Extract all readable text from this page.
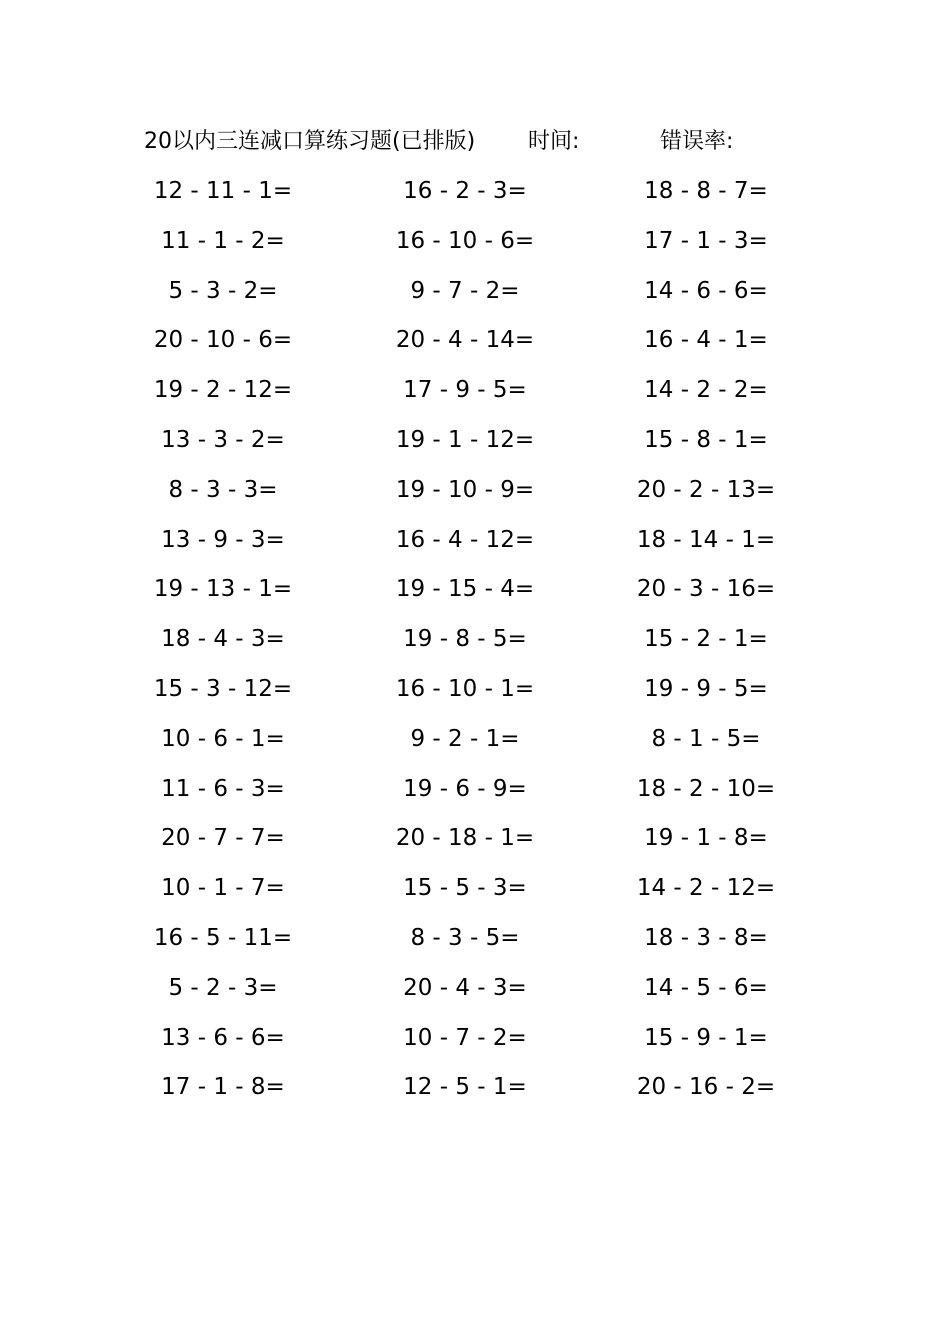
20以内三连减口算练习题(已排版) 时间:	错误率:
12 - 11 - 1=	16 - 2 - 3=	18 - 8 - 7=
11 - 1 - 2=	16 - 10 - 6=	17 - 1 - 3=
5 - 3 - 2=	9 - 7 - 2=	14 - 6 - 6=
20 - 10 - 6=	20 - 4 - 14=	16 - 4 - 1=
19 - 2 - 12=	17 - 9 - 5=	14 - 2 - 2=
13 - 3 - 2=	19 - 1 - 12=	15 - 8 - 1=
8 - 3 - 3=	19 - 10 - 9=	20 - 2 - 13=
13 - 9 - 3=	16 - 4 - 12=	18 - 14 - 1=
19 - 13 - 1=	19 - 15 - 4=	20 - 3 - 16=
18 - 4 - 3=	19 - 8 - 5=	15 - 2 - 1=
15 - 3 - 12=	16 - 10 - 1=	19 - 9 - 5=
10 - 6 - 1=	9 - 2 - 1=	8 - 1 - 5=
11 - 6 - 3=	19 - 6 - 9=	18 - 2 - 10=
20 - 7 - 7=	20 - 18 - 1=	19 - 1 - 8=
10 - 1 - 7=	15 - 5 - 3=	14 - 2 - 12=
16 - 5 - 11=	8 - 3 - 5=	18 - 3 - 8=
5 - 2 - 3=	20 - 4 - 3=	14 - 5 - 6=
13 - 6 - 6=	10 - 7 - 2=	15 - 9 - 1=
17 - 1 - 8=	12 - 5 - 1=	20 - 16 - 2=
